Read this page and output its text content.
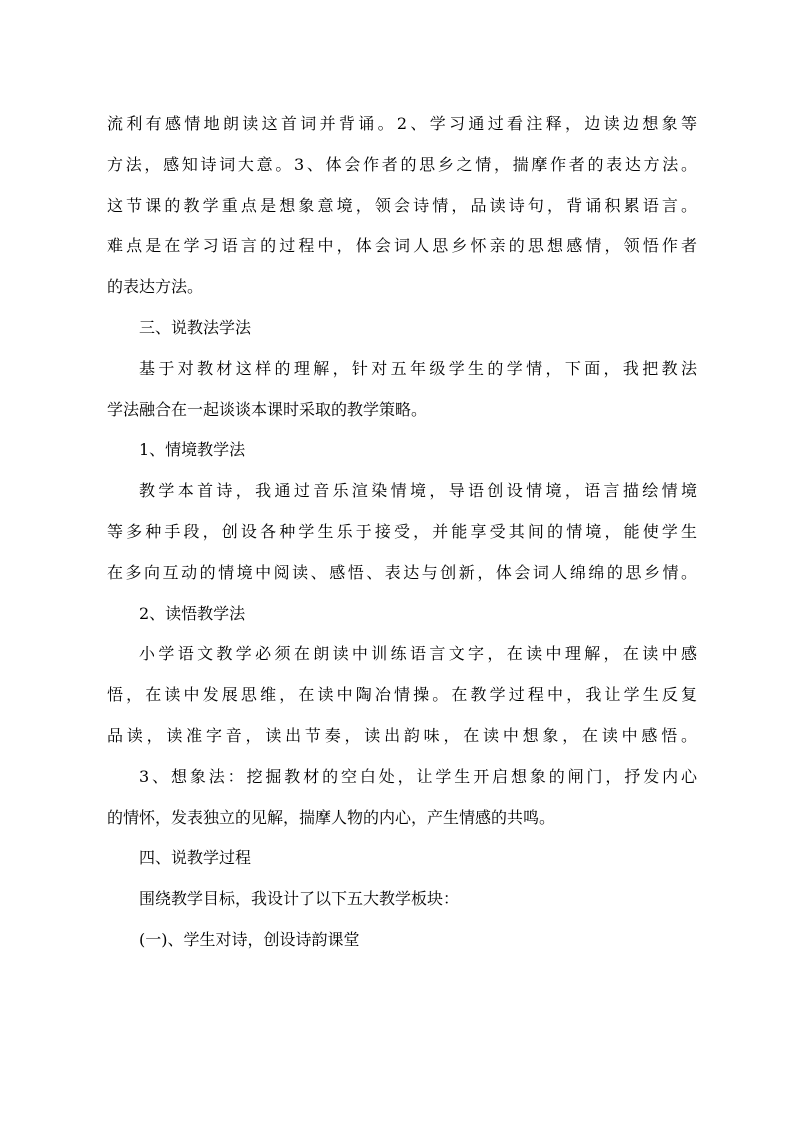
流利有感情地朗读这首词并背诵。2、学习通过看注释，边读边想象等
方法，感知诗词大意。3、体会作者的思乡之情，揣摩作者的表达方法。
这节课的教学重点是想象意境，领会诗情，品读诗句，背诵积累语言。
难点是在学习语言的过程中，体会词人思乡怀亲的思想感情，领悟作者
的表达方法。
三、说教法学法
基于对教材这样的理解，针对五年级学生的学情，下面，我把教法
学法融合在一起谈谈本课时采取的教学策略。
1、情境教学法
教学本首诗，我通过音乐渲染情境，导语创设情境，语言描绘情境
等多种手段，创设各种学生乐于接受，并能享受其间的情境，能使学生
在多向互动的情境中阅读、感悟、表达与创新，体会词人绵绵的思乡情。
2、读悟教学法
小学语文教学必须在朗读中训练语言文字，在读中理解，在读中感
悟，在读中发展思维，在读中陶冶情操。在教学过程中，我让学生反复
品读，读准字音，读出节奏，读出韵味，在读中想象，在读中感悟。
3、想象法：挖掘教材的空白处，让学生开启想象的闸门，抒发内心
的情怀，发表独立的见解，揣摩人物的内心，产生情感的共鸣。
四、说教学过程
围绕教学目标，我设计了以下五大教学板块：
(一)、学生对诗，创设诗韵课堂
